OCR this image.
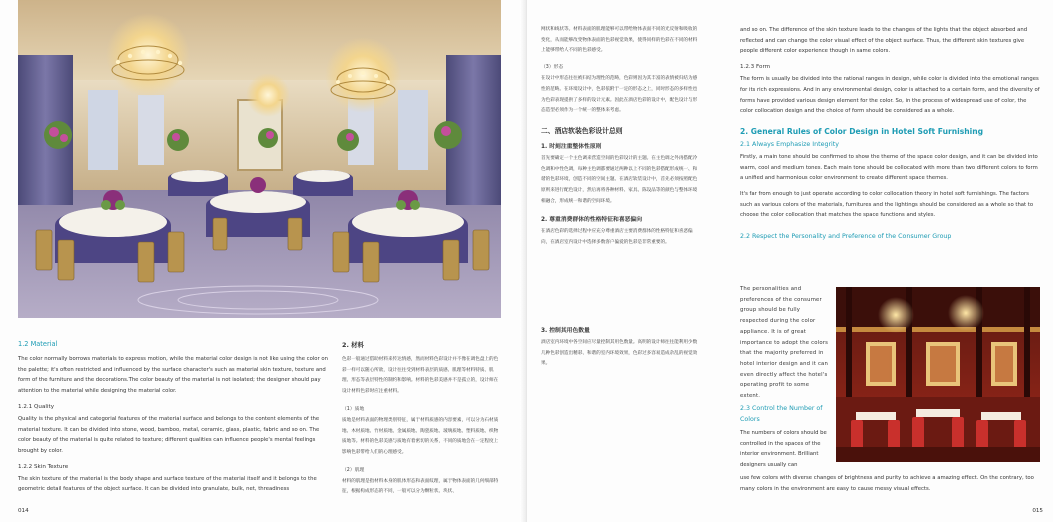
1.2 Material

The color normally borrows materials to express motion, while the material color design is not like using the color on the palette; it's often restricted and influenced by the surface character's such as material skin texture, texture and form of the furniture and the decorations.The color beauty of the material is not isolated; the designer should pay attention to the material while designing the material color.

1.2.1 Quality

Quality is the physical and categorial features of the material surface and belongs to the content elements of the material texture. It can be divided into stone, wood, bamboo, metal, ceramic, glass, plastic, fabric and so on. The color beauty of the material is quite related to texture; different qualities can influence people's mental feelings brought by color.

1.2.2 Skin Texture

The skin texture of the material is the body shape and surface texture of the material itself and it belongs to the geometric detail features of the object surface. It can be divided into granulate, bulk, net, threadiness

2. 材料

色彩一般通过借助材料来传达情感，然而材料色彩设计并不像在调色盘上的色彩一样可以随心所欲，设计往往受到材料表层的质感、肌理等材料特质、肌理、形态等表层特性的制约和影响。材料的色彩美感并不是孤立的，设计师在设计材料色彩时应注重材料。

（1）质地

质地是材料表面的物理类别特征，属于材料质感的内容要素，可以分为石材质地、木材质地、竹材质地、金属质地、陶瓷质地、玻璃质地、塑料质地、织物质地等。材料的色彩美感与质地有着密切的关系，不同的质地会在一定程度上影响色彩带给人们的心理感受。

（2）肌理

材料的肌理是指材料本身的肌体形态和表面纹理，属于物体表面的几何细部特征，根据构成形态的不同，一般可以分为颗粒状、块状、

014

网状和线状等。材料表面的肌理能够可以带给物体表面不同的光反射和吸收的变化，从而能够改变物体表面的色彩视觉效果，使得同样的色彩在不同的材料上能够带给人不同的色彩感受。

（3）形态

在设计中形态往往被归结为理性的范畴，色彩则因为其丰富的表情被归结为感性的范畴。在环境设计中，色彩依附于一定的形态之上，同时形态的多样性也为色彩表现提供了多样的设计元素。因此在酒店色彩的设计中，配色设计与形态造型必须作为一个统一的整体来考虑。

二、酒店软装色彩设计总则
1. 时刻注重整体性原则

首先要确定一个主色调来营造空间的色彩设计的主题。在主色调之外再搭配冷色调和中性色调，每种主色调都要通过两种以上不同的色彩搭配形成统一、和谐的色彩环境，创造不同的空间主题。在酒店软装设计中，首先必须按照配色原则来进行配色设计，然后再将各种材料、家具、陈设品等的颜色与整体环境相融合，形成统一和谐的空间环境。

2. 尊重消费群体的性格特征和喜恶偏向

在酒店色彩的选择过程中应充分尊重酒店主要消费群体的性格特征和喜恶偏向，在酒店室内设计中选择多数客户偏爱的色彩是非常重要的。

3. 控制其用色数量

酒店室内环境中各空间应尽量控制其用色数量。高明的设计师往往能利用少数几种色彩创造出精彩、和谐的室内环境效果，色彩过多容易造成杂乱的视觉效果。

and so on. The difference of the skin texture leads to the changes of the lights that the object absorbed and reflected and can change the color visual effect of the object surface. Thus, the different skin textures give people different color experience though in same colors.

1.2.3 Form

The form is usually be divided into the rational ranges in design, while color is divided into the emotional ranges for its rich expressions. And in any environmental design, color is attached to a certain form, and the diversity of forms have provided various design element for the color. So, in the process of widespread use of color, the color collocation design and the choice of form should be considered as a whole.

2. General Rules of Color Design in Hotel Soft Furnishing
2.1 Always Emphasize Integrity

Firstly, a main tone should be confirmed to show the theme of the space color design, and it can be divided into warm, cool and medium tones. Each main tone should be collocated with more than two different colors to form a unified and harmonious color environment to create different space themes.

It's far from enough to just operate according to color collocation theory in hotel soft furnishings. The factors such as various colors of the materials, furnitures and the lightings should be considered as a whole so that to choose the color collocation that matches the space functions and styles.

2.2 Respect the Personality and Preference of the Consumer Group

The personalities and preferences of the consumer group should be fully respected during the color appliance. It is of great importance to adopt the colors that the majority preferred in hotel interior design and it can even directly affect the hotel's operating profit to some extent.

2.3 Control the Number of Colors

The numbers of colors should be controlled in the spaces of the interior environment. Brilliant designers usually can

use few colors with diverse changes of brightness and purity to achieve a amazing effect. On the contrary, too many colors in the environment are easy to cause messy visual effects.

015
